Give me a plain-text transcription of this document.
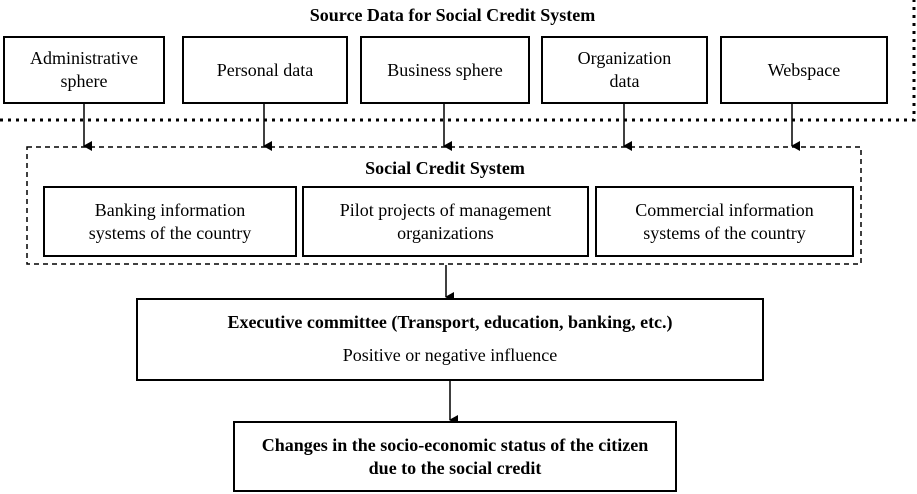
Source Data for Social Credit System
Administrative sphere
Personal data	Business sphere
Organization data
Webspace
Social Credit System
Banking information systems of the country
Pilot projects of management organizations
Commercial information systems of the country
Executive committee (Transport, education, banking, etc.)
Positive or negative influence
Changes in the socio-economic status of the citizen due to the social credit
